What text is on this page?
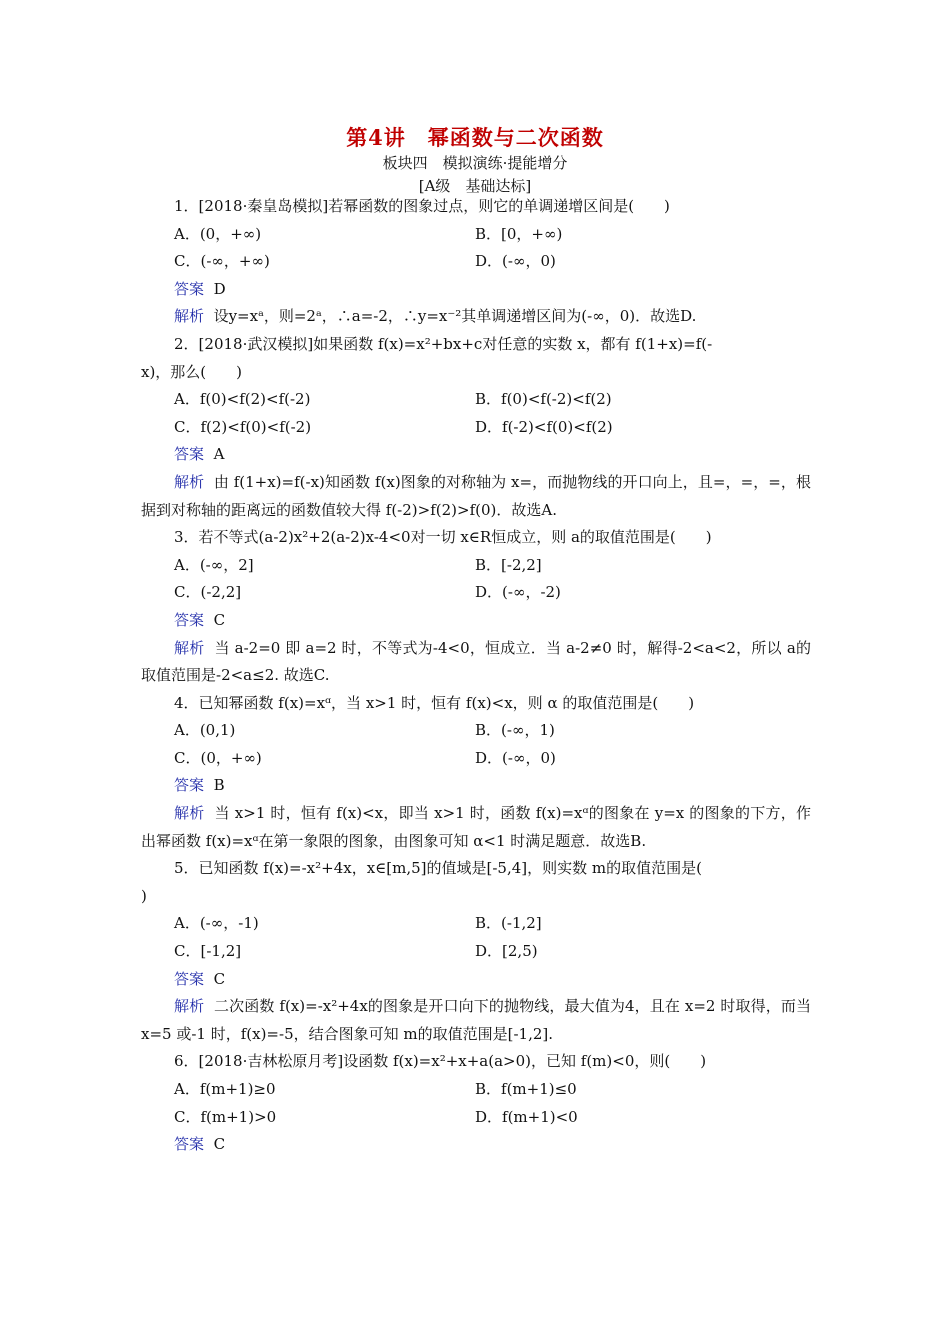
第4讲　幂函数与二次函数
板块四　模拟演练·提能增分
[A级　基础达标]
1．[2018·秦皇岛模拟]若幂函数的图象过点，则它的单调递增区间是(　　)
A．(0，+∞)	B．[0，+∞)
C．(-∞，+∞)	D．(-∞，0)
答案 D
解析 设y=xᵃ，则=2ᵃ，∴a=-2，∴y=x⁻²其单调递增区间为(-∞，0)．故选D.
2．[2018·武汉模拟]如果函数 f(x)=x²+bx+c对任意的实数 x，都有 f(1+x)=f(-
x)，那么(　　)
A．f(0)<f(2)<f(-2)	B．f(0)<f(-2)<f(2)
C．f(2)<f(0)<f(-2)	D．f(-2)<f(0)<f(2)
答案 A
解析 由 f(1+x)=f(-x)知函数 f(x)图象的对称轴为 x=，而抛物线的开口向上，且=，=，=，根据到对称轴的距离远的函数值较大得 f(-2)>f(2)>f(0)．故选A.
3．若不等式(a-2)x²+2(a-2)x-4<0对一切 x∈R恒成立，则 a的取值范围是(　　)
A．(-∞，2]	B．[-2,2]
C．(-2,2]	D．(-∞，-2)
答案 C
解析 当 a-2=0 即 a=2 时，不等式为-4<0，恒成立．当 a-2≠0 时，解得-2<a<2，所以 a的取值范围是-2<a≤2. 故选C.
4．已知幂函数 f(x)=xᵅ，当 x>1 时，恒有 f(x)<x，则 α 的取值范围是(　　)
A．(0,1)	B．(-∞，1)
C．(0，+∞)	D．(-∞，0)
答案 B
解析 当 x>1 时，恒有 f(x)<x，即当 x>1 时，函数 f(x)=xᵅ的图象在 y=x 的图象的下方，作出幂函数 f(x)=xᵅ在第一象限的图象，由图象可知 α<1 时满足题意．故选B.
5．已知函数 f(x)=-x²+4x，x∈[m,5]的值域是[-5,4]，则实数 m的取值范围是(
)
A．(-∞，-1)	B．(-1,2]
C．[-1,2]	D．[2,5)
答案 C
解析 二次函数 f(x)=-x²+4x的图象是开口向下的抛物线，最大值为4，且在 x=2 时取得，而当 x=5 或-1 时，f(x)=-5，结合图象可知 m的取值范围是[-1,2].
6．[2018·吉林松原月考]设函数 f(x)=x²+x+a(a>0)，已知 f(m)<0，则(　　)
A．f(m+1)≥0	B．f(m+1)≤0
C．f(m+1)>0	D．f(m+1)<0
答案 C
